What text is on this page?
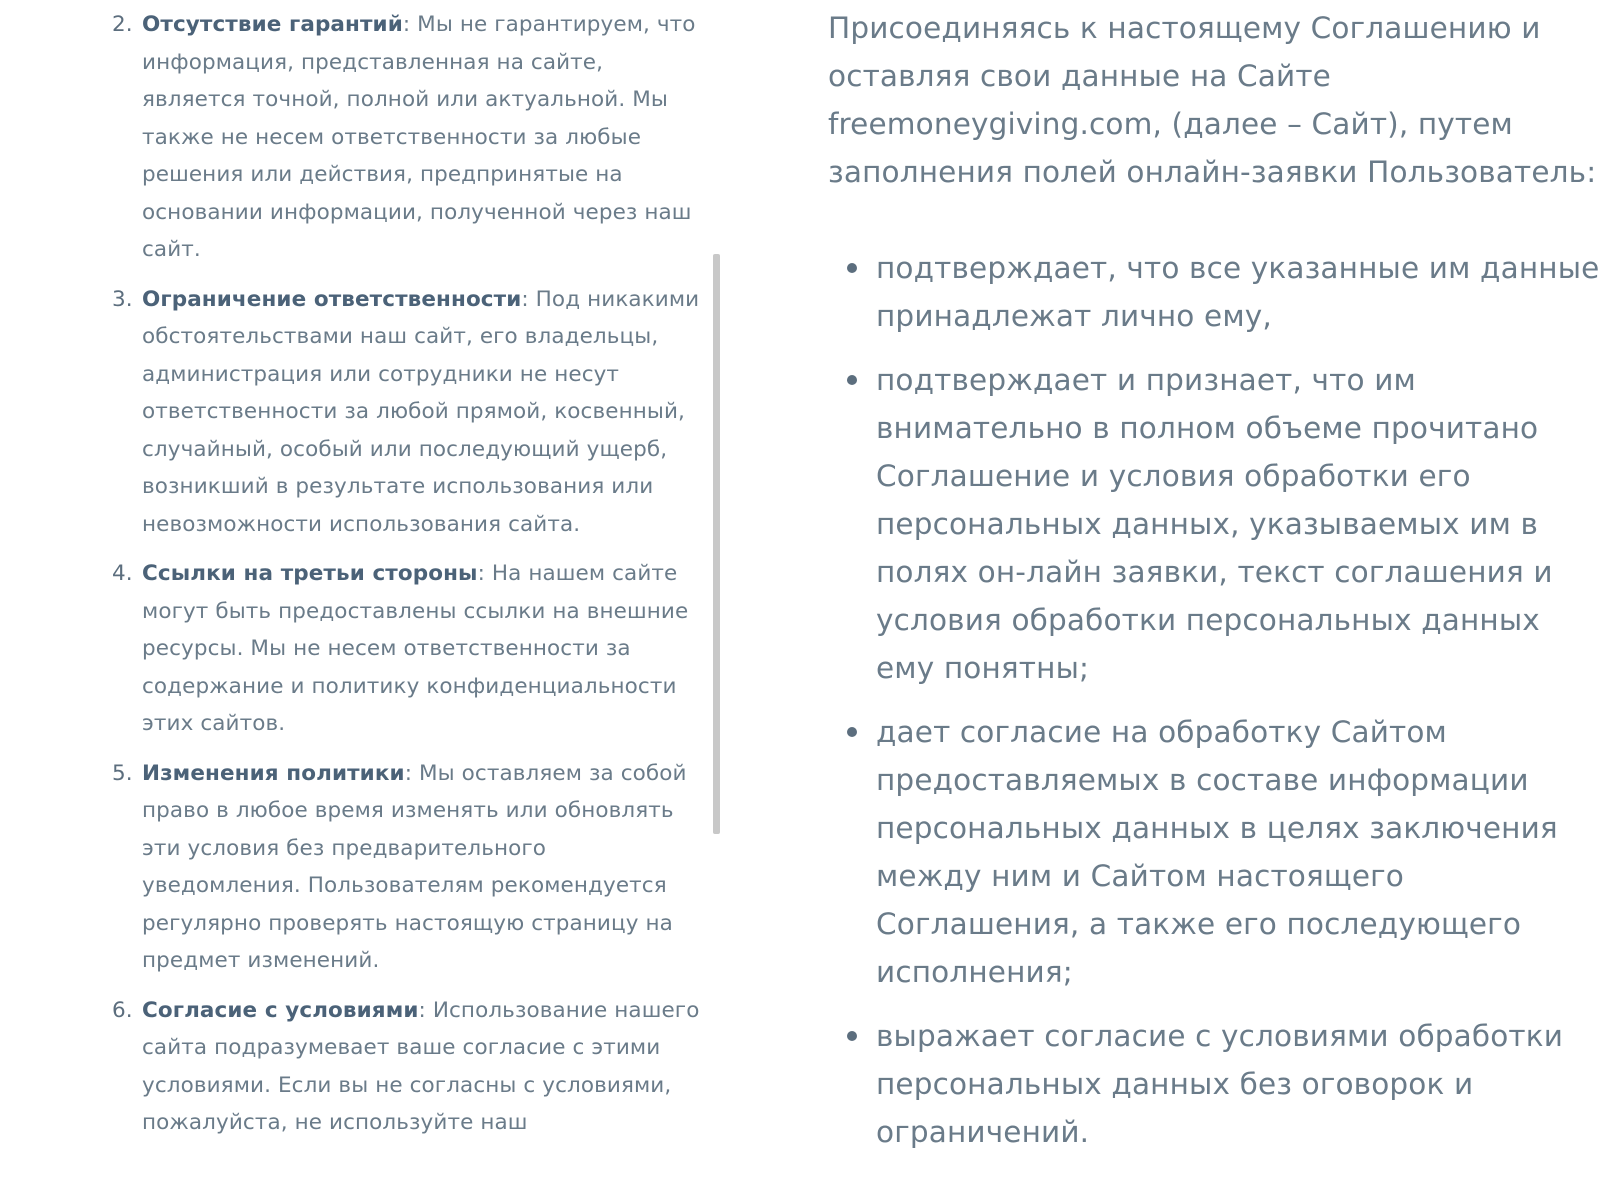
2. Отсутствие гарантий: Мы не гарантируем, что информация, представленная на сайте, является точной, полной или актуальной. Мы также не несем ответственности за любые решения или действия, предпринятые на основании информации, полученной через наш сайт.
3. Ограничение ответственности: Под никакими обстоятельствами наш сайт, его владельцы, администрация или сотрудники не несут ответственности за любой прямой, косвенный, случайный, особый или последующий ущерб, возникший в результате использования или невозможности использования сайта.
4. Ссылки на третьи стороны: На нашем сайте могут быть предоставлены ссылки на внешние ресурсы. Мы не несем ответственности за содержание и политику конфиденциальности этих сайтов.
5. Изменения политики: Мы оставляем за собой право в любое время изменять или обновлять эти условия без предварительного уведомления. Пользователям рекомендуется регулярно проверять настоящую страницу на предмет изменений.
6. Согласие с условиями: Использование нашего сайта подразумевает ваше согласие с этими условиями. Если вы не согласны с условиями, пожалуйста, не используйте наш

Присоединяясь к настоящему Соглашению и оставляя свои данные на Сайте freemoneygiving.com, (далее – Сайт), путем заполнения полей онлайн-заявки Пользователь:

подтверждает, что все указанные им данные принадлежат лично ему,
подтверждает и признает, что им внимательно в полном объеме прочитано Соглашение и условия обработки его персональных данных, указываемых им в полях он-лайн заявки, текст соглашения и условия обработки персональных данных ему понятны;
дает согласие на обработку Сайтом предоставляемых в составе информации персональных данных в целях заключения между ним и Сайтом настоящего Соглашения, а также его последующего исполнения;
выражает согласие с условиями обработки персональных данных без оговорок и ограничений.
